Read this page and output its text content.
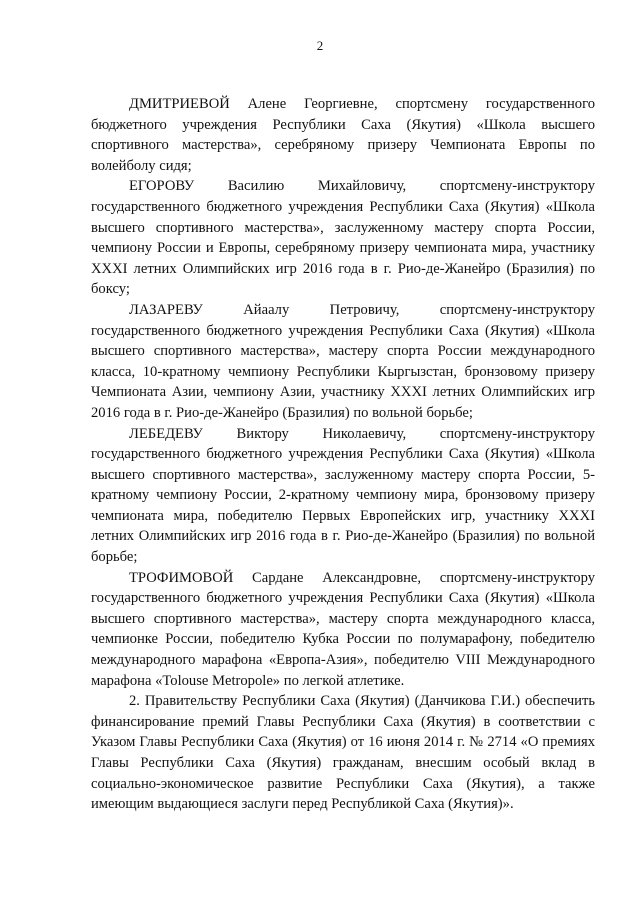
2

ДМИТРИЕВОЙ Алене Георгиевне, спортсмену государственного бюджетного учреждения Республики Саха (Якутия) «Школа высшего спортивного мастерства», серебряному призеру Чемпионата Европы по волейболу сидя;

ЕГОРОВУ Василию Михайловичу, спортсмену-инструктору государственного бюджетного учреждения Республики Саха (Якутия) «Школа высшего спортивного мастерства», заслуженному мастеру спорта России, чемпиону России и Европы, серебряному призеру чемпионата мира, участнику XXXI летних Олимпийских игр 2016 года в г. Рио-де-Жанейро (Бразилия) по боксу;

ЛАЗАРЕВУ Айаалу Петровичу, спортсмену-инструктору государственного бюджетного учреждения Республики Саха (Якутия) «Школа высшего спортивного мастерства», мастеру спорта России международного класса, 10-кратному чемпиону Республики Кыргызстан, бронзовому призеру Чемпионата Азии, чемпиону Азии, участнику XXXI летних Олимпийских игр 2016 года в г. Рио-де-Жанейро (Бразилия) по вольной борьбе;

ЛЕБЕДЕВУ Виктору Николаевичу, спортсмену-инструктору государственного бюджетного учреждения Республики Саха (Якутия) «Школа высшего спортивного мастерства», заслуженному мастеру спорта России, 5-кратному чемпиону России, 2-кратному чемпиону мира, бронзовому призеру чемпионата мира, победителю Первых Европейских игр, участнику XXXI летних Олимпийских игр 2016 года в г. Рио-де-Жанейро (Бразилия) по вольной борьбе;

ТРОФИМОВОЙ Сардане Александровне, спортсмену-инструктору государственного бюджетного учреждения Республики Саха (Якутия) «Школа высшего спортивного мастерства», мастеру спорта международного класса, чемпионке России, победителю Кубка России по полумарафону, победителю международного марафона «Европа-Азия», победителю VIII Международного марафона «Tolouse Metropole» по легкой атлетике.

2. Правительству Республики Саха (Якутия) (Данчикова Г.И.) обеспечить финансирование премий Главы Республики Саха (Якутия) в соответствии с Указом Главы Республики Саха (Якутия) от 16 июня 2014 г. № 2714 «О премиях Главы Республики Саха (Якутия) гражданам, внесшим особый вклад в социально-экономическое развитие Республики Саха (Якутия), а также имеющим выдающиеся заслуги перед Республикой Саха (Якутия)».
